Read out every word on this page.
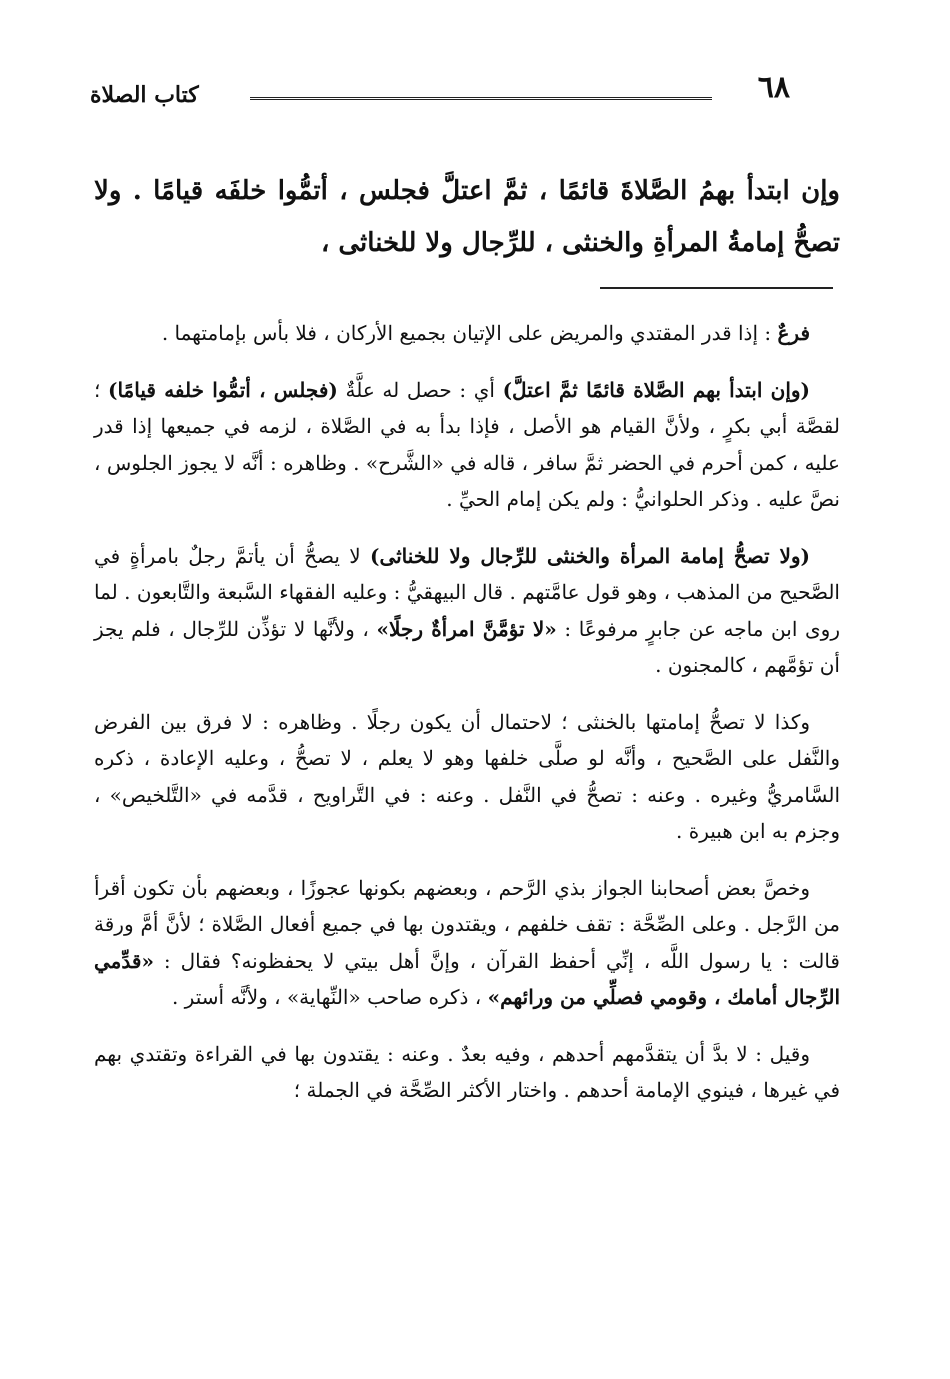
٦٨
كتاب الصلاة
وإن ابتدأ بهمُ الصَّلاةَ قائمًا ، ثمَّ اعتلَّ فجلس ، أتمُّوا خلفَه قيامًا . ولا تصحُّ إمامةُ المرأةِ والخنثى ، للرِّجال ولا للخناثى ،

فرعٌ : إذا قدر المقتدي والمريض على الإتيان بجميع الأركان ، فلا بأس بإمامتهما .

(وإن ابتدأ بهم الصَّلاة قائمًا ثمَّ اعتلَّ) أي : حصل له علَّةٌ (فجلس ، أتمُّوا خلفه قيامًا) ؛ لقصَّة أبي بكرٍ ، ولأنَّ القيام هو الأصل ، فإذا بدأ به في الصَّلاة ، لزمه في جميعها إذا قدر عليه ، كمن أحرم في الحضر ثمَّ سافر ، قاله في «الشَّرح» . وظاهره : أنَّه لا يجوز الجلوس ، نصَّ عليه . وذكر الحلوانيُّ : ولم يكن إمام الحيِّ .

(ولا تصحُّ إمامة المرأة والخنثى للرِّجال ولا للخناثى) لا يصحُّ أن يأتمَّ رجلٌ بامرأةٍ في الصَّحيح من المذهب ، وهو قول عامَّتهم . قال البيهقيُّ : وعليه الفقهاء السَّبعة والتَّابعون . لما روى ابن ماجه عن جابرٍ مرفوعًا : «لا تؤمَّنَّ امرأةٌ رجلًا» ، ولأنَّها لا تؤذِّن للرِّجال ، فلم يجز أن تؤمَّهم ، كالمجنون .

وكذا لا تصحُّ إمامتها بالخنثى ؛ لاحتمال أن يكون رجلًا . وظاهره : لا فرق بين الفرض والنَّفل على الصَّحيح ، وأنَّه لو صلَّى خلفها وهو لا يعلم ، لا تصحُّ ، وعليه الإعادة ، ذكره السَّامريُّ وغيره . وعنه : تصحُّ في النَّفل . وعنه : في التَّراويح ، قدَّمه في «التَّلخيص» ، وجزم به ابن هبيرة .

وخصَّ بعض أصحابنا الجواز بذي الرَّحم ، وبعضهم بكونها عجوزًا ، وبعضهم بأن تكون أقرأ من الرَّجل . وعلى الصِّحَّة : تقف خلفهم ، ويقتدون بها في جميع أفعال الصَّلاة ؛ لأنَّ أمَّ ورقة قالت : يا رسول اللَّه ، إنِّي أحفظ القرآن ، وإنَّ أهل بيتي لا يحفظونه؟ فقال : «قدِّمي الرِّجال أمامك ، وقومي فصلِّي من ورائهم» ، ذكره صاحب «النِّهاية» ، ولأنَّه أستر .

وقيل : لا بدَّ أن يتقدَّمهم أحدهم ، وفيه بعدٌ . وعنه : يقتدون بها في القراءة وتقتدي بهم في غيرها ، فينوي الإمامة أحدهم . واختار الأكثر الصِّحَّة في الجملة ؛
